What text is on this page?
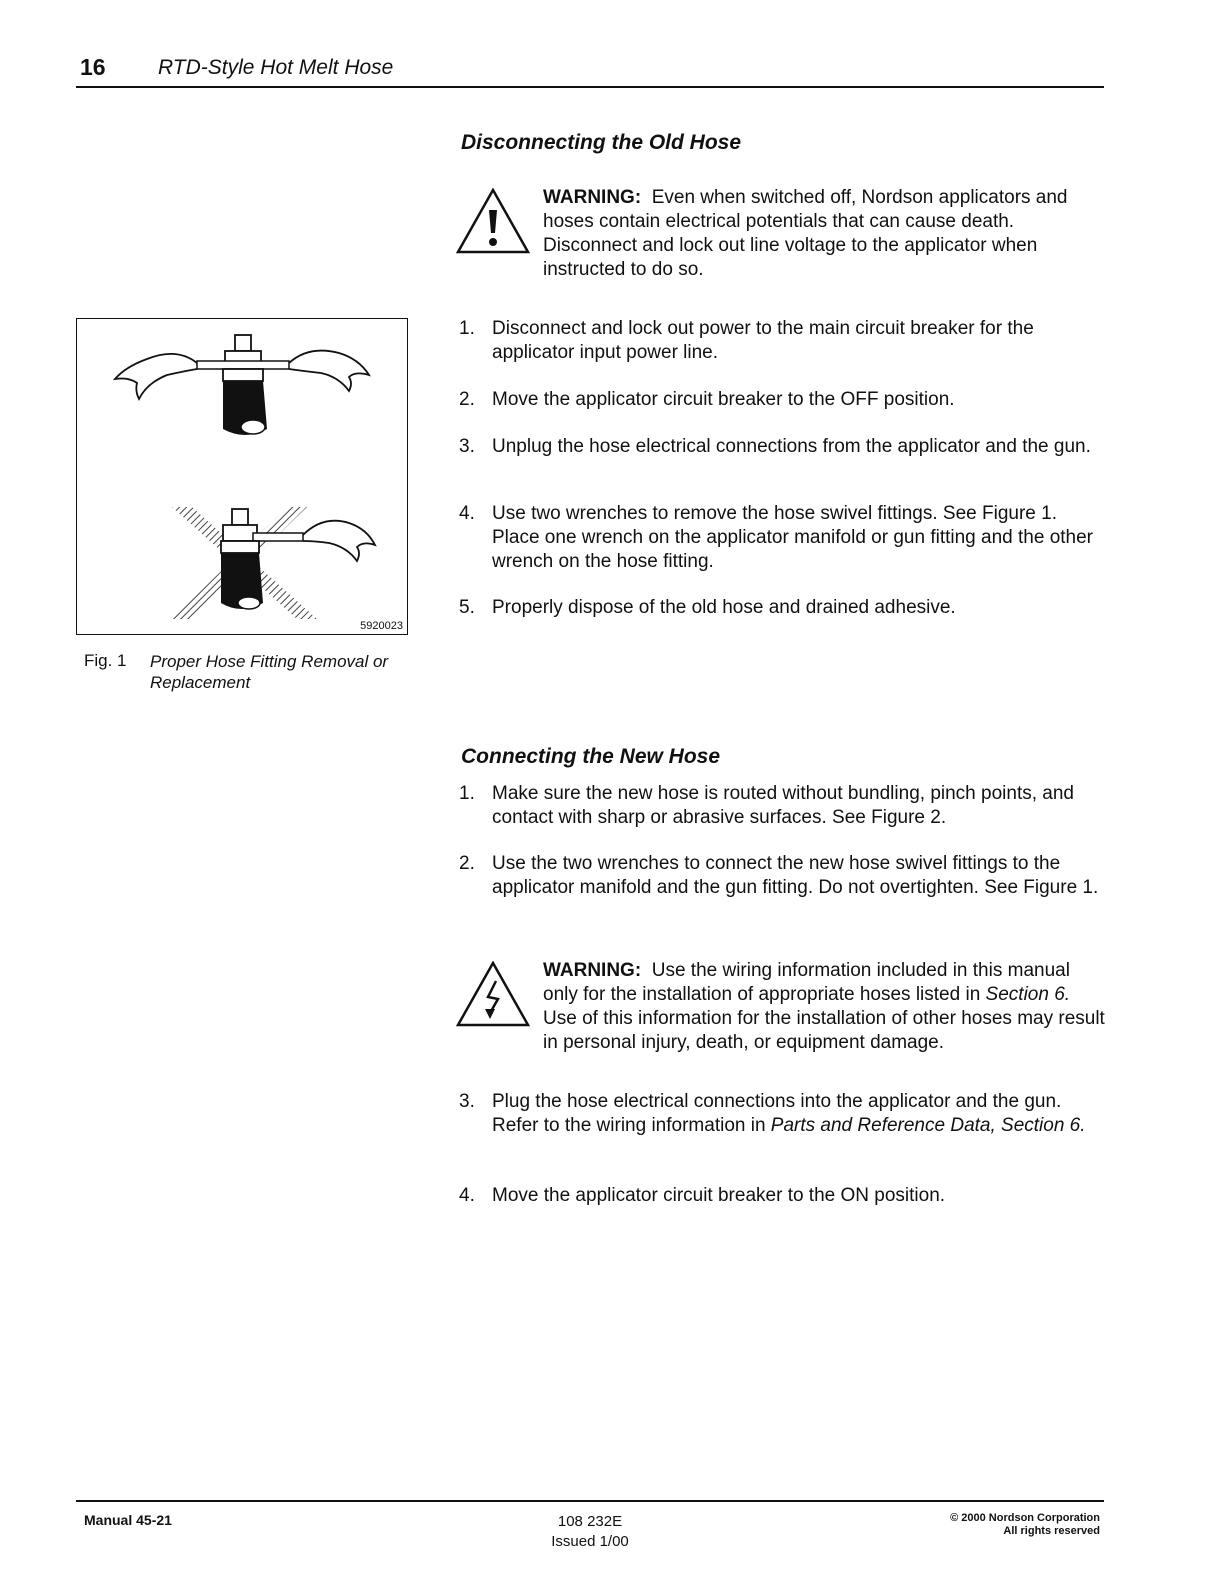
16 RTD-Style Hot Melt Hose
Disconnecting the Old Hose
WARNING: Even when switched off, Nordson applicators and hoses contain electrical potentials that can cause death. Disconnect and lock out line voltage to the applicator when instructed to do so.
1. Disconnect and lock out power to the main circuit breaker for the applicator input power line.
2. Move the applicator circuit breaker to the OFF position.
3. Unplug the hose electrical connections from the applicator and the gun.
4. Use two wrenches to remove the hose swivel fittings. See Figure 1. Place one wrench on the applicator manifold or gun fitting and the other wrench on the hose fitting.
5. Properly dispose of the old hose and drained adhesive.
5920023
Fig. 1 Proper Hose Fitting Removal or Replacement
Connecting the New Hose
1. Make sure the new hose is routed without bundling, pinch points, and contact with sharp or abrasive surfaces. See Figure 2.
2. Use the two wrenches to connect the new hose swivel fittings to the applicator manifold and the gun fitting. Do not overtighten. See Figure 1.
WARNING: Use the wiring information included in this manual only for the installation of appropriate hoses listed in Section 6. Use of this information for the installation of other hoses may result in personal injury, death, or equipment damage.
3. Plug the hose electrical connections into the applicator and the gun. Refer to the wiring information in Parts and Reference Data, Section 6.
4. Move the applicator circuit breaker to the ON position.
Manual 45-21	108 232E
Issued 1/00
© 2000 Nordson Corporation
All rights reserved
